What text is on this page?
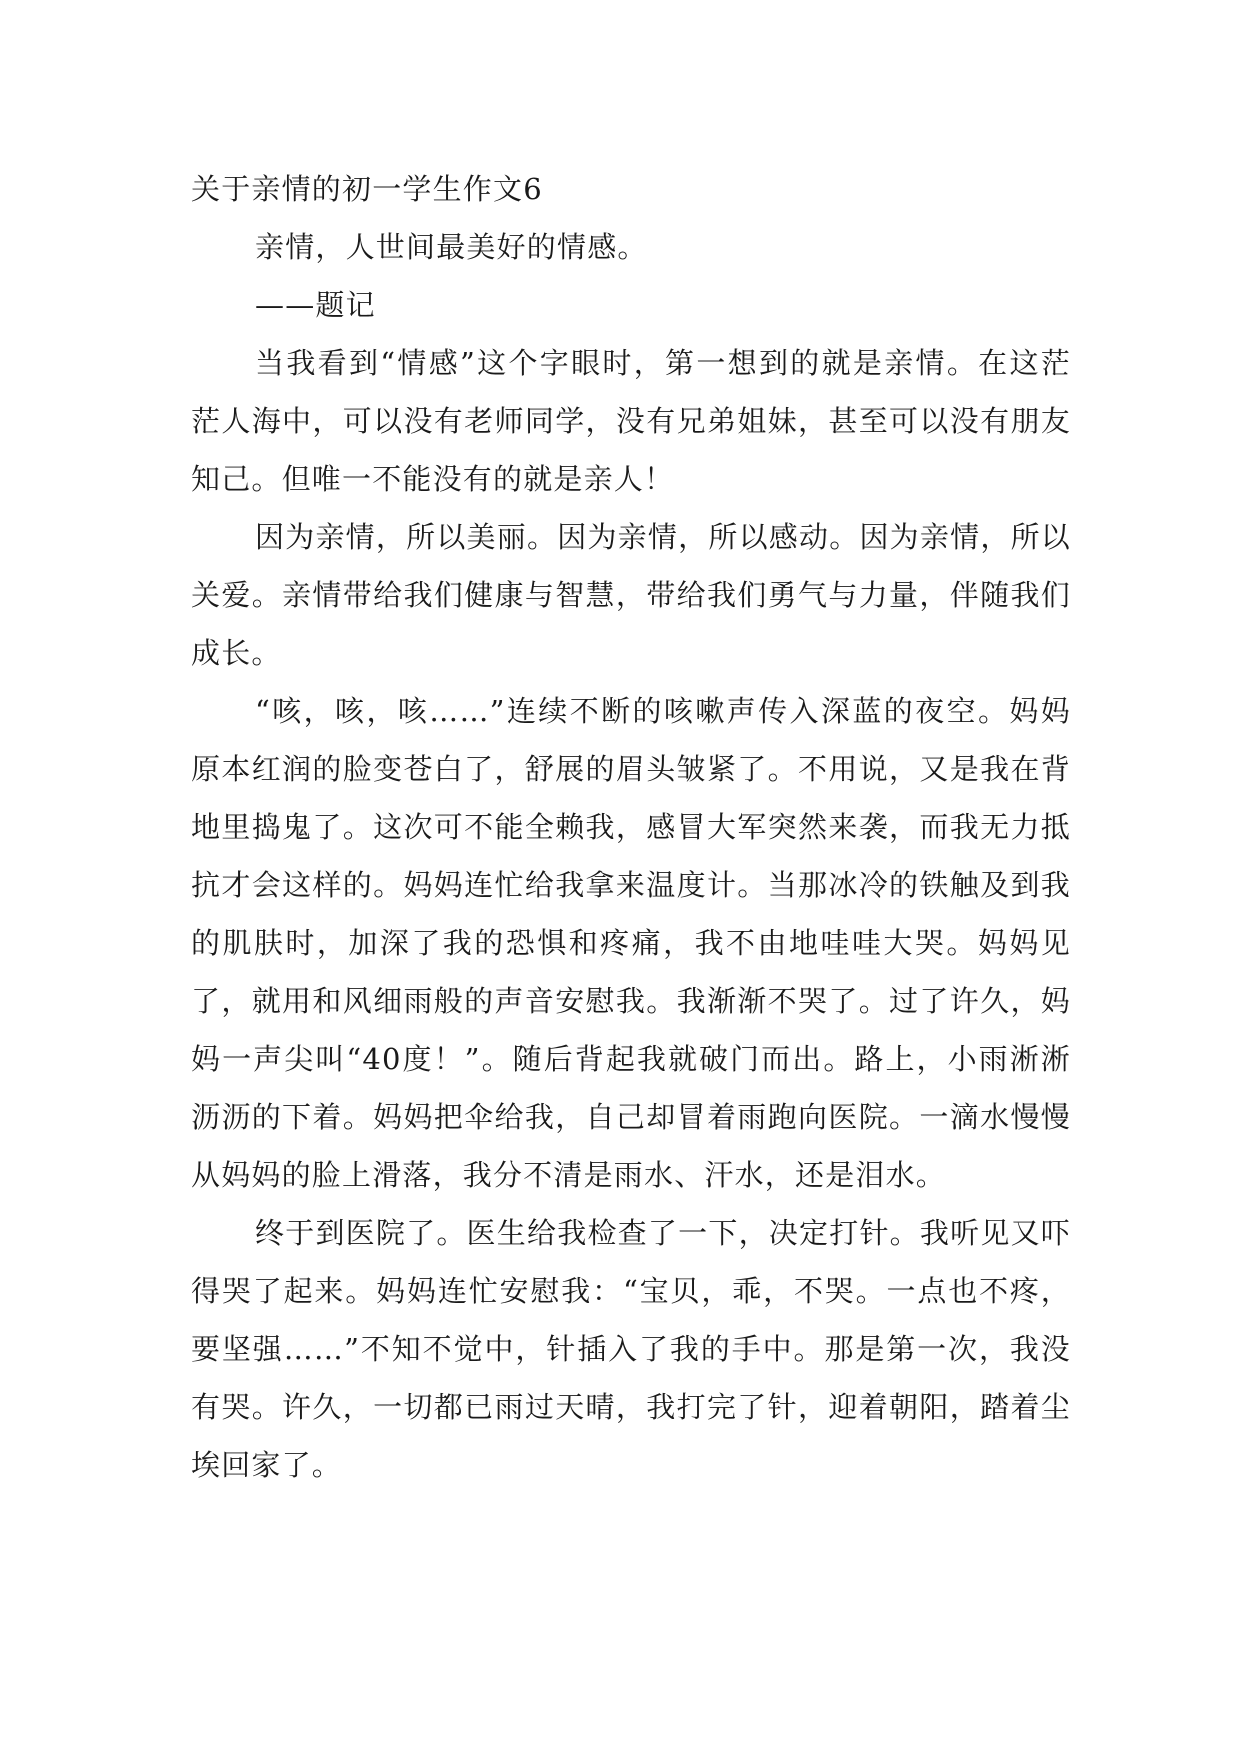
关于亲情的初一学生作文6

亲情，人世间最美好的情感。

——题记

当我看到“情感”这个字眼时，第一想到的就是亲情。在这茫茫人海中，可以没有老师同学，没有兄弟姐妹，甚至可以没有朋友知己。但唯一不能没有的就是亲人！

因为亲情，所以美丽。因为亲情，所以感动。因为亲情，所以关爱。亲情带给我们健康与智慧，带给我们勇气与力量，伴随我们成长。

“咳，咳，咳……”连续不断的咳嗽声传入深蓝的夜空。妈妈原本红润的脸变苍白了，舒展的眉头皱紧了。不用说，又是我在背地里捣鬼了。这次可不能全赖我，感冒大军突然来袭，而我无力抵抗才会这样的。妈妈连忙给我拿来温度计。当那冰冷的铁触及到我的肌肤时，加深了我的恐惧和疼痛，我不由地哇哇大哭。妈妈见了，就用和风细雨般的声音安慰我。我渐渐不哭了。过了许久，妈妈一声尖叫“40度！”。随后背起我就破门而出。路上，小雨淅淅沥沥的下着。妈妈把伞给我，自己却冒着雨跑向医院。一滴水慢慢从妈妈的脸上滑落，我分不清是雨水、汗水，还是泪水。

终于到医院了。医生给我检查了一下，决定打针。我听见又吓得哭了起来。妈妈连忙安慰我：“宝贝，乖，不哭。一点也不疼，要坚强……”不知不觉中，针插入了我的手中。那是第一次，我没有哭。许久，一切都已雨过天晴，我打完了针，迎着朝阳，踏着尘埃回家了。
